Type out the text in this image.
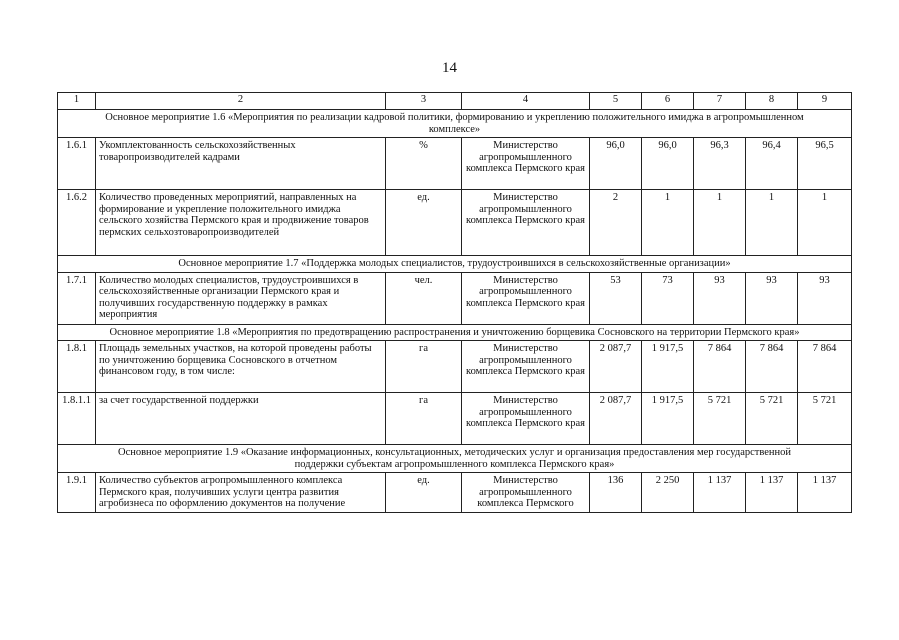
14
1	2	3	4	5	6	7	8	9
Основное мероприятие 1.6 «Мероприятия по реализации кадровой политики, формированию и укреплению положительного имиджа в агропромышленном комплексе»								
1.6.1	Укомплектованность сельскохозяйственных товаропроизводителей кадрами	%	Министерство агропромышленного комплекса Пермского края	96,0	96,0	96,3	96,4	96,5
1.6.2	Количество проведенных мероприятий, направленных на формирование и укрепление положительного имиджа сельского хозяйства Пермского края и продвижение товаров пермских сельхозтоваропроизводителей	ед.	Министерство агропромышленного комплекса Пермского края	2	1	1	1	1
Основное мероприятие 1.7 «Поддержка молодых специалистов, трудоустроившихся в сельскохозяйственные организации»								
1.7.1	Количество молодых специалистов, трудоустроившихся в сельскохозяйственные организации Пермского края и получивших государственную поддержку в рамках мероприятия	чел.	Министерство агропромышленного комплекса Пермского края	53	73	93	93	93
Основное мероприятие 1.8 «Мероприятия по предотвращению распространения и уничтожению борщевика Сосновского на территории Пермского края»								
1.8.1	Площадь земельных участков, на которой проведены работы по уничтожению борщевика Сосновского в отчетном финансовом году, в том числе:	га	Министерство агропромышленного комплекса Пермского края	2 087,7	1 917,5	7 864	7 864	7 864
1.8.1.1	за счет государственной поддержки	га	Министерство агропромышленного комплекса Пермского края	2 087,7	1 917,5	5 721	5 721	5 721
Основное мероприятие 1.9 «Оказание информационных, консультационных, методических услуг и организация предоставления мер государственной поддержки субъектам агропромышленного комплекса Пермского края»								
1.9.1	Количество субъектов агропромышленного комплекса Пермского края, получивших услуги центра развития агробизнеса по оформлению документов на получение	ед.	Министерство агропромышленного комплекса Пермского	136	2 250	1 137	1 137	1 137
